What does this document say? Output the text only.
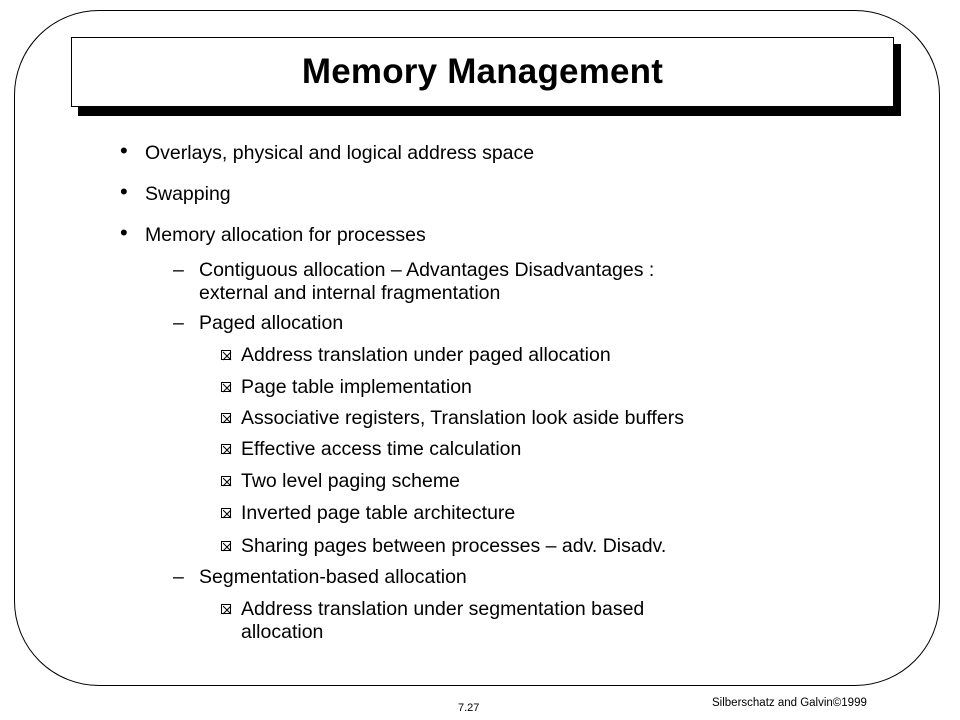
Memory Management
• Overlays, physical and logical address space
• Swapping
• Memory allocation for processes
– Contiguous allocation – Advantages Disadvantages :
external and internal fragmentation
– Paged allocation
Address translation under paged allocation
Page table implementation
Associative registers, Translation look aside buffers
Effective access time calculation
Two level paging scheme
Inverted page table architecture
Sharing pages between processes – adv. Disadv.
– Segmentation-based allocation
Address translation under segmentation based
allocation
7.27	Silberschatz and Galvin©1999
